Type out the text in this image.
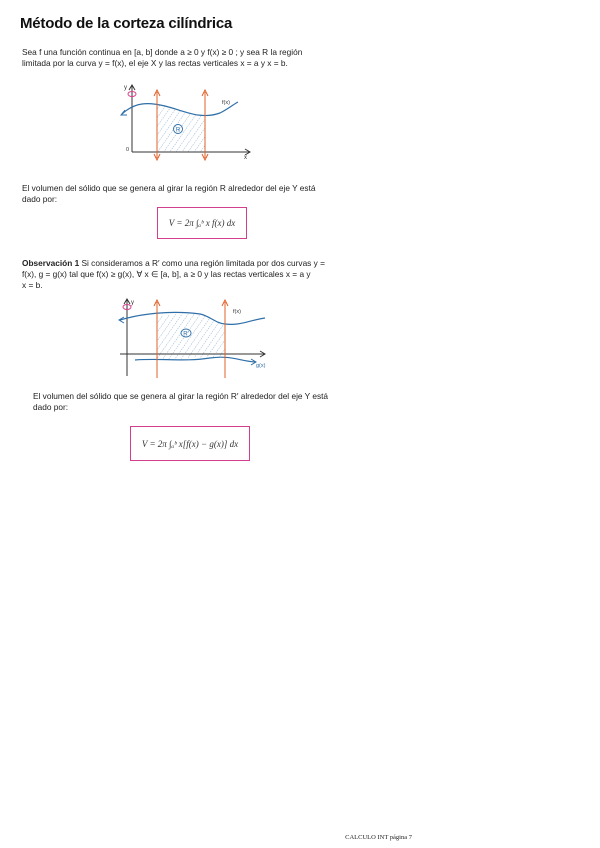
Método de la corteza cilíndrica
Sea f una función continua en [a, b] donde a ≥ 0 y f(x) ≥ 0 ; y sea R la región
limitada por la curva y = f(x), el eje X y las rectas verticales x = a y x = b.
R
y
f(x)
0
x
El volumen del sólido que se genera al girar la región R alrededor del eje Y está
dado por:
V = 2π ∫ₐᵇ x f(x) dx
Observación 1 Si consideramos a R′ como una región limitada por dos curvas y =
f(x), g = g(x) tal que f(x) ≥ g(x), ∀ x ∈ [a, b], a ≥ 0 y las rectas verticales x = a y
x = b.
R′
y
f(x)
g(x)
El volumen del sólido que se genera al girar la región R′ alrededor del eje Y está
dado por:
V = 2π ∫ₐᵇ x[f(x) − g(x)] dx
CALCULO INT página 7
